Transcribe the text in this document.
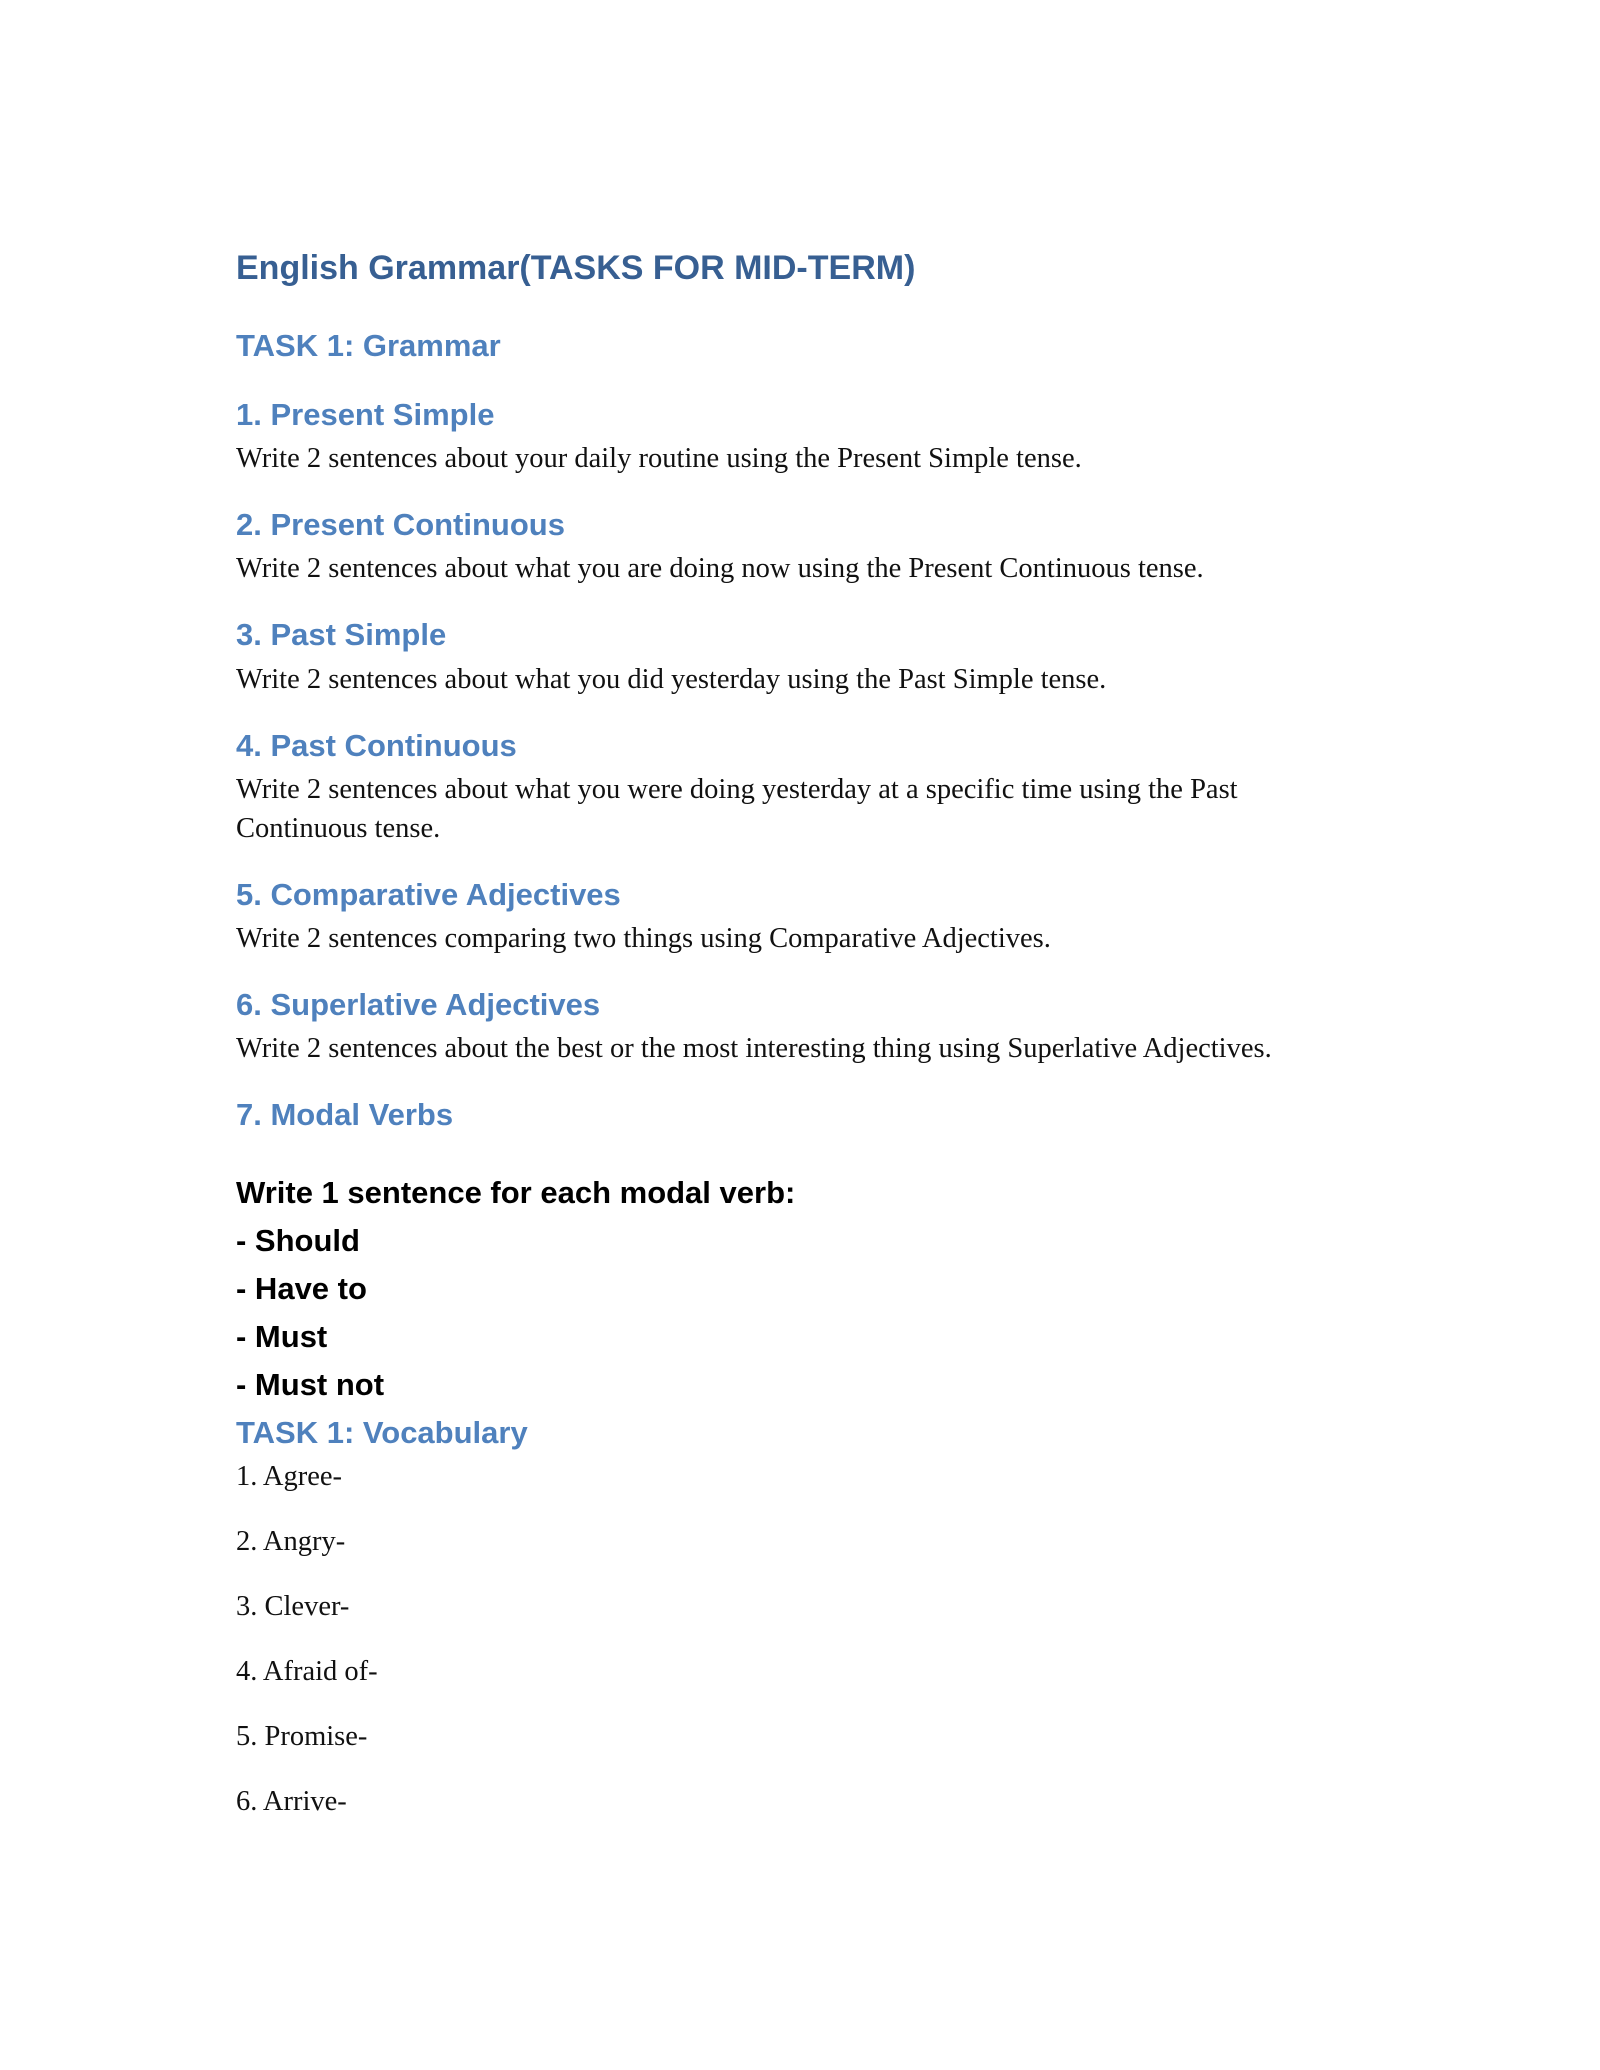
English Grammar(TASKS FOR MID-TERM)
TASK 1: Grammar
1. Present Simple

Write 2 sentences about your daily routine using the Present Simple tense.

2. Present Continuous

Write 2 sentences about what you are doing now using the Present Continuous tense.

3. Past Simple

Write 2 sentences about what you did yesterday using the Past Simple tense.

4. Past Continuous

Write 2 sentences about what you were doing yesterday at a specific time using the Past Continuous tense.

5. Comparative Adjectives

Write 2 sentences comparing two things using Comparative Adjectives.

6. Superlative Adjectives

Write 2 sentences about the best or the most interesting thing using Superlative Adjectives.

7. Modal Verbs

Write 1 sentence for each modal verb:

- Should

- Have to

- Must

- Must not

TASK 1: Vocabulary
1. Agree-
2. Angry-
3. Clever-
4. Afraid of-
5. Promise-
6. Arrive-
